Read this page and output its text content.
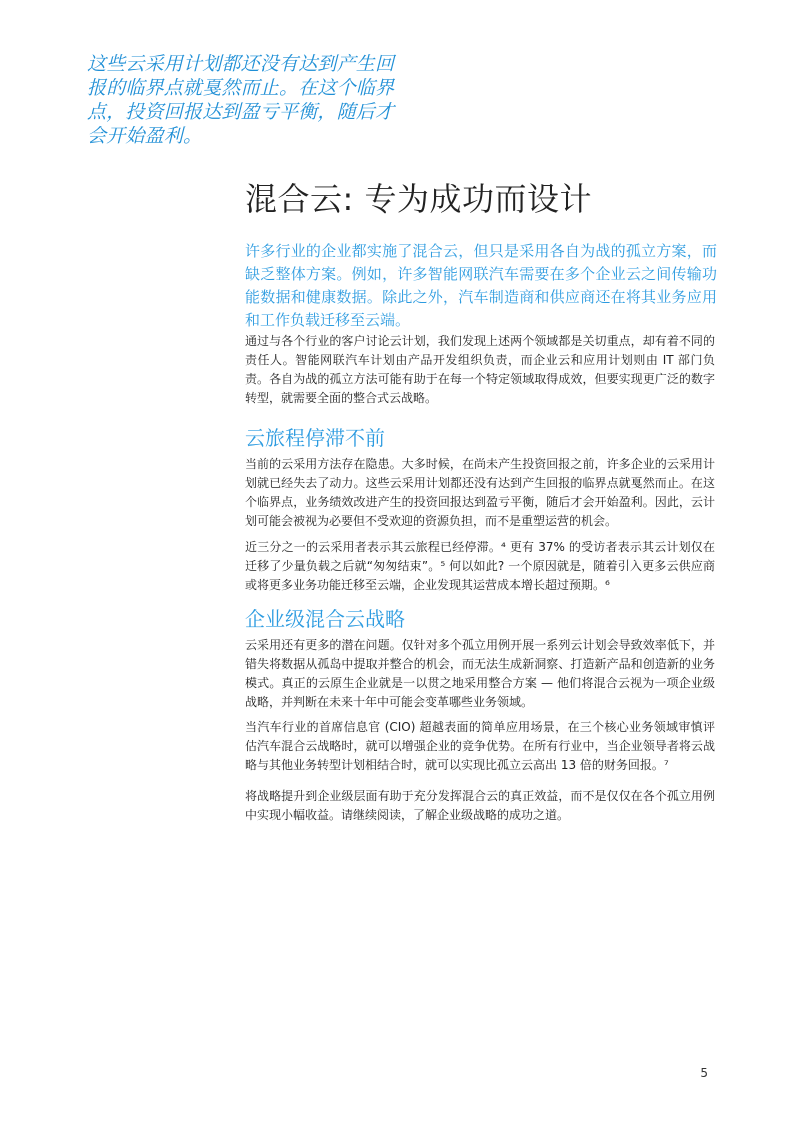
这些云采用计划都还没有达到产生回报的临界点就戛然而止。在这个临界点，投资回报达到盈亏平衡，随后才会开始盈利。
混合云: 专为成功而设计

许多行业的企业都实施了混合云，但只是采用各自为战的孤立方案，而缺乏整体方案。例如，许多智能网联汽车需要在多个企业云之间传输功能数据和健康数据。除此之外，汽车制造商和供应商还在将其业务应用和工作负载迁移至云端。

通过与各个行业的客户讨论云计划，我们发现上述两个领域都是关切重点，却有着不同的责任人。智能网联汽车计划由产品开发组织负责，而企业云和应用计划则由 IT 部门负责。各自为战的孤立方法可能有助于在每一个特定领域取得成效，但要实现更广泛的数字转型，就需要全面的整合式云战略。

云旅程停滞不前

当前的云采用方法存在隐患。大多时候，在尚未产生投资回报之前，许多企业的云采用计划就已经失去了动力。这些云采用计划都还没有达到产生回报的临界点就戛然而止。在这个临界点，业务绩效改进产生的投资回报达到盈亏平衡，随后才会开始盈利。因此，云计划可能会被视为必要但不受欢迎的资源负担，而不是重塑运营的机会。

近三分之一的云采用者表示其云旅程已经停滞。⁴ 更有 37% 的受访者表示其云计划仅在迁移了少量负载之后就“匆匆结束”。⁵ 何以如此? 一个原因就是，随着引入更多云供应商或将更多业务功能迁移至云端，企业发现其运营成本增长超过预期。⁶

企业级混合云战略

云采用还有更多的潜在问题。仅针对多个孤立用例开展一系列云计划会导致效率低下，并错失将数据从孤岛中提取并整合的机会，而无法生成新洞察、打造新产品和创造新的业务模式。真正的云原生企业就是一以贯之地采用整合方案 — 他们将混合云视为一项企业级战略，并判断在未来十年中可能会变革哪些业务领域。

当汽车行业的首席信息官 (CIO) 超越表面的简单应用场景，在三个核心业务领域审慎评估汽车混合云战略时，就可以增强企业的竞争优势。在所有行业中，当企业领导者将云战略与其他业务转型计划相结合时，就可以实现比孤立云高出 13 倍的财务回报。⁷

将战略提升到企业级层面有助于充分发挥混合云的真正效益，而不是仅仅在各个孤立用例中实现小幅收益。请继续阅读，了解企业级战略的成功之道。

5
